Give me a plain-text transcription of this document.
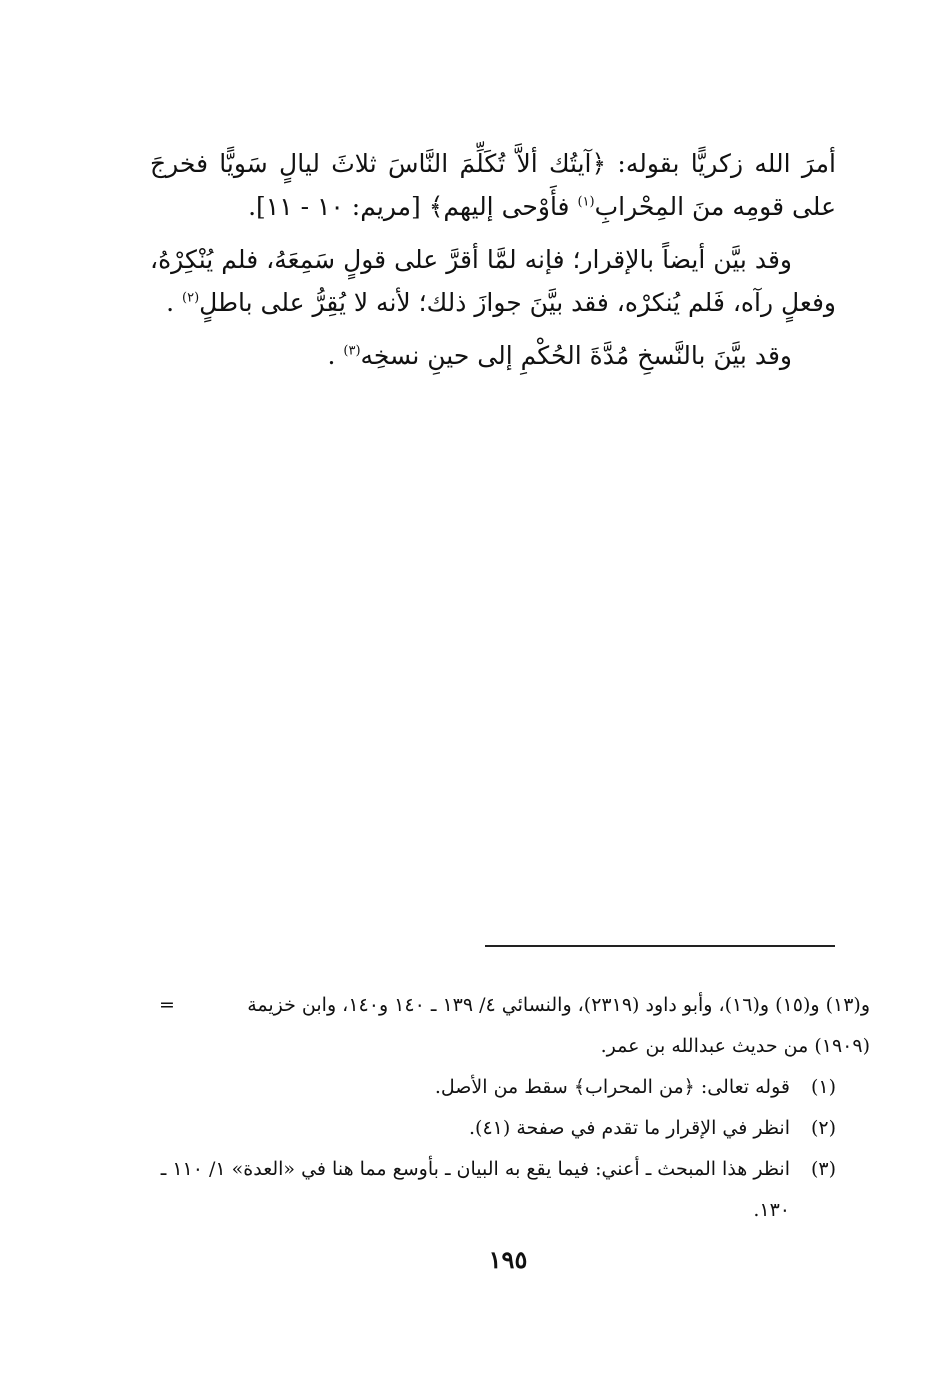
أمرَ الله زكريًّا بقوله: ﴿آيتُك ألاَّ تُكَلِّمَ النَّاسَ ثلاثَ ليالٍ سَويًّا فخرجَ على قومِه منَ المِحْرابِ$^{(١)}$ فأَوْحى إليهم﴾ [مريم: ١٠ - ١١].

وقد بيَّن أيضاً بالإقرار؛ فإنه لمَّا أقرَّ على قولٍ سَمِعَهُ، فلم يُنْكِرْهُ، وفعلٍ رآه، فَلم يُنكرْه، فقد بيَّنَ جوازَ ذلك؛ لأنه لا يُقِرُّ على باطلٍ$^{(٢)}$ .

وقد بيَّنَ بالنَّسخِ مُدَّةَ الحُكْمِ إلى حينِ نسخِه$^{(٣)}$ .

و(١٣) و(١٥) و(١٦)، وأبو داود (٢٣١٩)، والنسائي ٤/ ١٣٩ ـ ١٤٠ و١٤٠، وابن خزيمة (١٩٠٩) من حديث عبدالله بن عمر.
=
(١)
قوله تعالى: ﴿من المحراب﴾ سقط من الأصل.
(٢)
انظر في الإقرار ما تقدم في صفحة (٤١).
(٣)
انظر هذا المبحث ـ أعني: فيما يقع به البيان ـ بأوسع مما هنا في «العدة» ١/ ١١٠ ـ ١٣٠.
١٩٥
